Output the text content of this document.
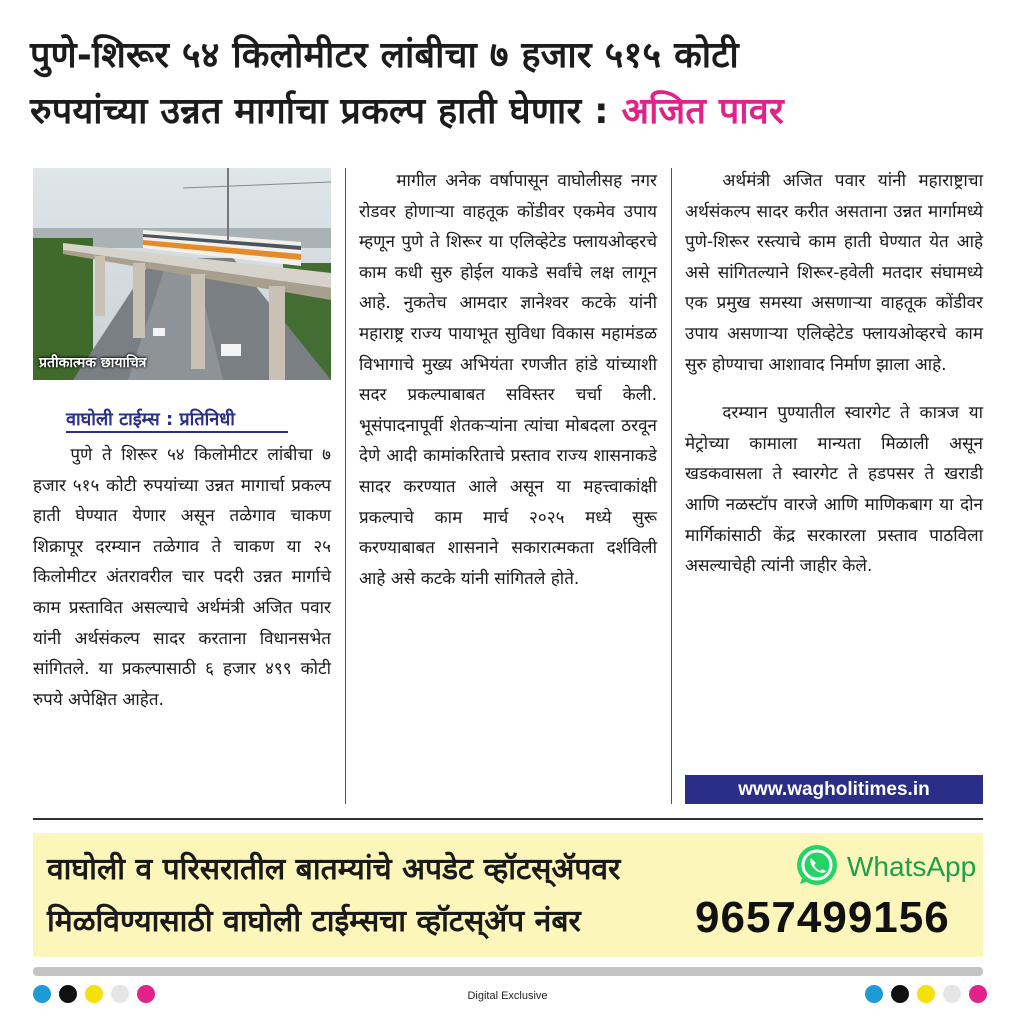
पुणे-शिरूर ५४ किलोमीटर लांबीचा ७ हजार ५१५ कोटी
रुपयांच्या उन्नत मार्गाचा प्रकल्प हाती घेणार : अजित पावर
प्रतीकात्मक छायाचित्र
वाघोली टाईम्स : प्रतिनिधी

पुणे ते शिरूर ५४ किलोमीटर लांबीचा ७ हजार ५१५ कोटी रुपयांच्या उन्नत मागार्चा प्रकल्प हाती घेण्यात येणार असून तळेगाव चाकण शिक्रापूर दरम्यान तळेगाव ते चाकण या २५ किलोमीटर अंतरावरील चार पदरी उन्नत मार्गाचे काम प्रस्तावित असल्याचे अर्थमंत्री अजित पवार यांनी अर्थसंकल्प सादर करताना विधानसभेत सांगितले. या प्रकल्पासाठी ६ हजार ४९९ कोटी रुपये अपेक्षित आहेत.

मागील अनेक वर्षापासून वाघोलीसह नगर रोडवर होणाऱ्या वाहतूक कोंडीवर एकमेव उपाय म्हणून पुणे ते शिरूर या एलिव्हेटेड फ्लायओव्हरचे काम कधी सुरु होईल याकडे सर्वांचे लक्ष लागून आहे. नुकतेच आमदार ज्ञानेश्वर कटके यांनी महाराष्ट्र राज्य पायाभूत सुविधा विकास महामंडळ विभागाचे मुख्य अभियंता रणजीत हांडे यांच्याशी सदर प्रकल्पाबाबत सविस्तर चर्चा केली. भूसंपादनापूर्वी शेतकऱ्यांना त्यांचा मोबदला ठरवून देणे आदी कामांकरिताचे प्रस्ताव राज्य शासनाकडे सादर करण्यात आले असून या महत्त्वाकांक्षी प्रकल्पाचे काम मार्च २०२५ मध्ये सुरू करण्याबाबत शासनाने सकारात्मकता दर्शविली आहे असे कटके यांनी सांगितले होते.

अर्थमंत्री अजित पवार यांनी महाराष्ट्राचा अर्थसंकल्प सादर करीत असताना उन्नत मार्गामध्ये पुणे-शिरूर रस्त्याचे काम हाती घेण्यात येत आहे असे सांगितल्याने शिरूर-हवेली मतदार संघामध्ये एक प्रमुख समस्या असणाऱ्या वाहतूक कोंडीवर उपाय असणाऱ्या एलिव्हेटेड फ्लायओव्हरचे काम सुरु होण्याचा आशावाद निर्माण झाला आहे.

दरम्यान पुण्यातील स्वारगेट ते कात्रज या मेट्रोच्या कामाला मान्यता मिळाली असून खडकवासला ते स्वारगेट ते हडपसर ते खराडी आणि नळस्टॉप वारजे आणि माणिकबाग या दोन मार्गिकांसाठी केंद्र सरकारला प्रस्ताव पाठविला असल्याचेही त्यांनी जाहीर केले.

www.wagholitimes.in
वाघोली व परिसरातील बातम्यांचे अपडेट व्हॉटस्ॲपवर
मिळविण्यासाठी वाघोली टाईम्सचा व्हॉटस्ॲप नंबर
WhatsApp
9657499156
Digital Exclusive
